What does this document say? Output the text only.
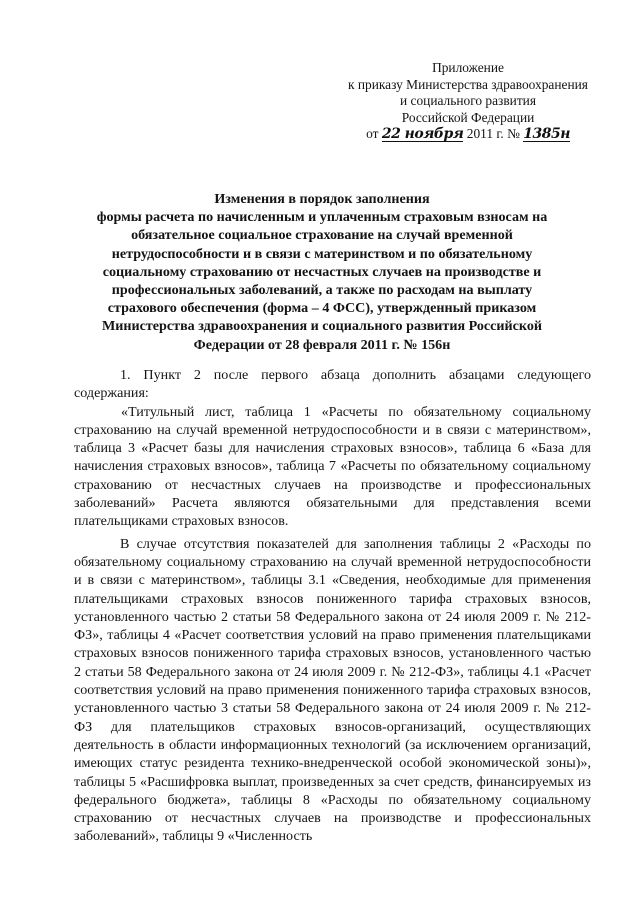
Приложение
к приказу Министерства здравоохранения
и социального развития
Российской Федерации
от 22 ноября 2011 г. № 1385н
Изменения в порядок заполнения
формы расчета по начисленным и уплаченным страховым взносам на
обязательное социальное страхование на случай временной
нетрудоспособности и в связи с материнством и по обязательному
социальному страхованию от несчастных случаев на производстве и
профессиональных заболеваний, а также по расходам на выплату
страхового обеспечения (форма – 4 ФСС), утвержденный приказом
Министерства здравоохранения и социального развития Российской
Федерации от 28 февраля 2011 г. № 156н

1. Пункт 2 после первого абзаца дополнить абзацами следующего содержания:

«Титульный лист, таблица 1 «Расчеты по обязательному социальному страхованию на случай временной нетрудоспособности и в связи с материнством», таблица 3 «Расчет базы для начисления страховых взносов», таблица 6 «База для начисления страховых взносов», таблица 7 «Расчеты по обязательному социальному страхованию от несчастных случаев на производстве и профессиональных заболеваний» Расчета являются обязательными для представления всеми плательщиками страховых взносов.

В случае отсутствия показателей для заполнения таблицы 2 «Расходы по обязательному социальному страхованию на случай временной нетрудоспособности и в связи с материнством», таблицы 3.1 «Сведения, необходимые для применения плательщиками страховых взносов пониженного тарифа страховых взносов, установленного частью 2 статьи 58 Федерального закона от 24 июля 2009 г. № 212-ФЗ», таблицы 4 «Расчет соответствия условий на право применения плательщиками страховых взносов пониженного тарифа страховых взносов, установленного частью 2 статьи 58 Федерального закона от 24 июля 2009 г. № 212-ФЗ», таблицы 4.1 «Расчет соответствия условий на право применения пониженного тарифа страховых взносов, установленного частью 3 статьи 58 Федерального закона от 24 июля 2009 г. № 212-ФЗ для плательщиков страховых взносов-организаций, осуществляющих деятельность в области информационных технологий (за исключением организаций, имеющих статус резидента технико-внедренческой особой экономической зоны)», таблицы 5 «Расшифровка выплат, произведенных за счет средств, финансируемых из федерального бюджета», таблицы 8 «Расходы по обязательному социальному страхованию от несчастных случаев на производстве и профессиональных заболеваний», таблицы 9 «Численность
